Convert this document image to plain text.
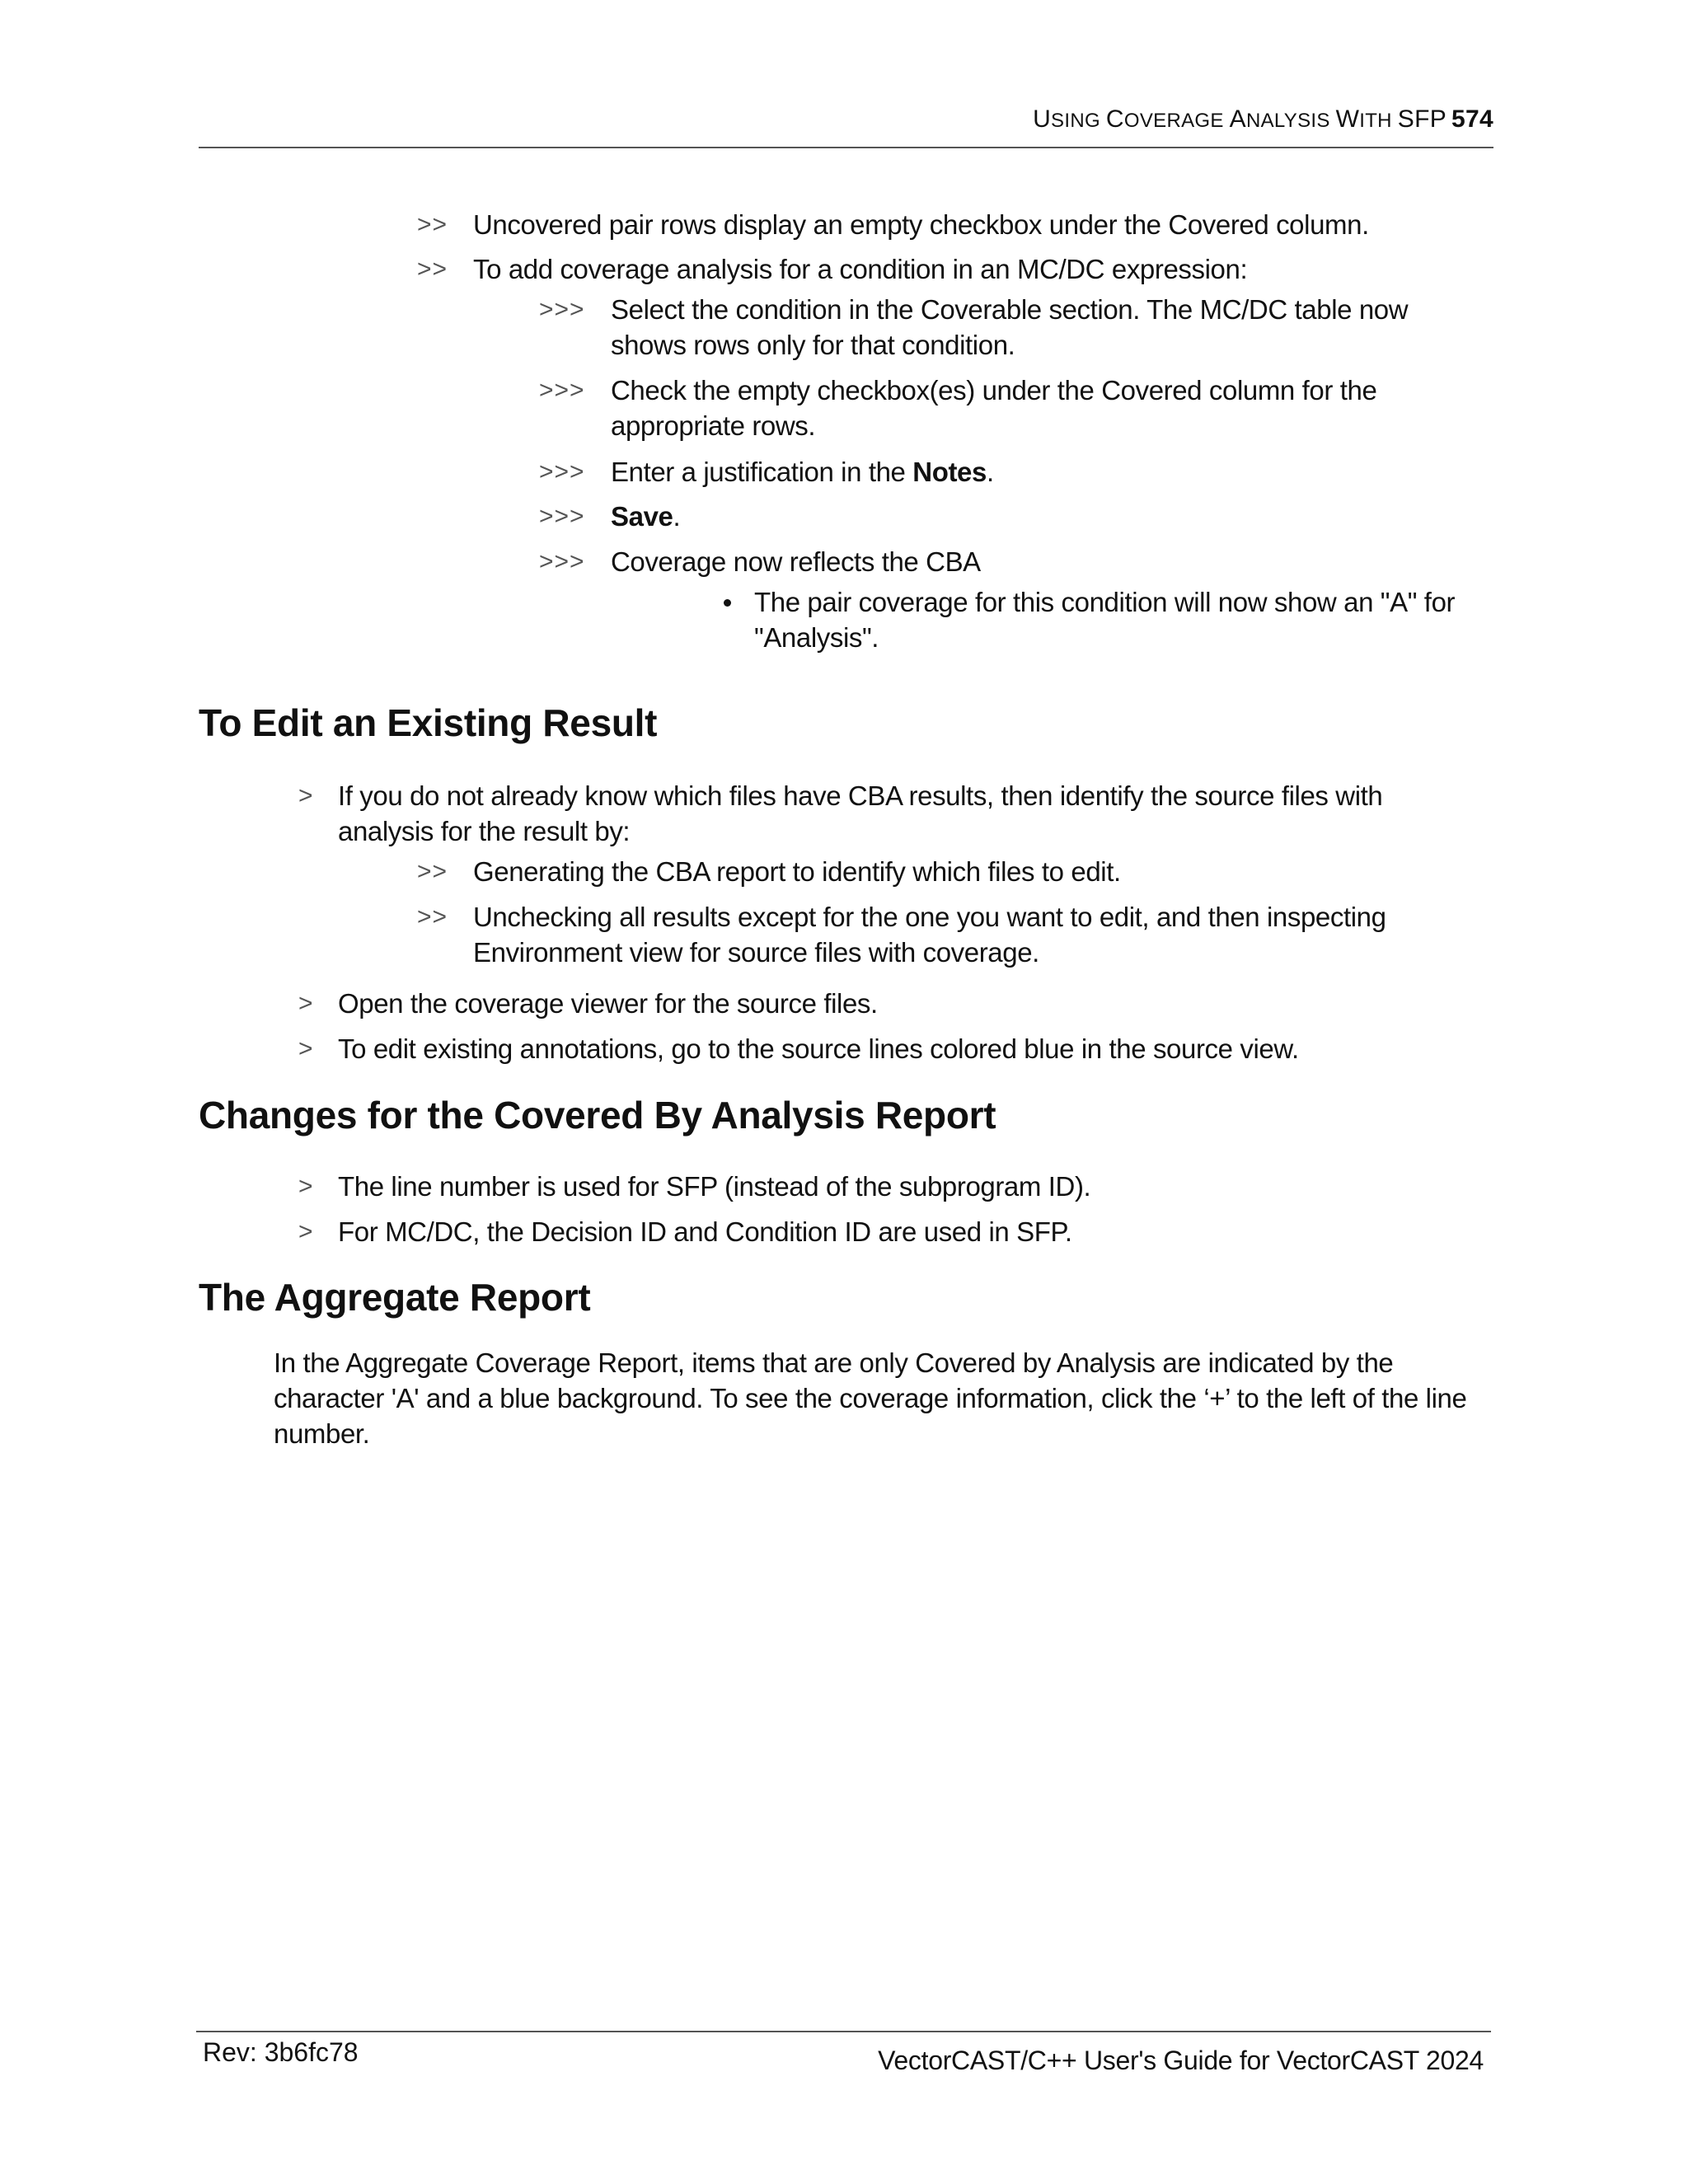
USING COVERAGE ANALYSIS WITH SFP 574
>> Uncovered pair rows display an empty checkbox under the Covered column.
>> To add coverage analysis for a condition in an MC/DC expression:
>>> Select the condition in the Coverable section. The MC/DC table now
shows rows only for that condition.
>>> Check the empty checkbox(es) under the Covered column for the
appropriate rows.
>>> Enter a justification in the Notes.
>>> Save.
>>> Coverage now reflects the CBA
The pair coverage for this condition will now show an "A" for
"Analysis".
To Edit an Existing Result
> If you do not already know which files have CBA results, then identify the source files with
analysis for the result by:
>> Generating the CBA report to identify which files to edit.
>> Unchecking all results except for the one you want to edit, and then inspecting
Environment view for source files with coverage.
> Open the coverage viewer for the source files.
> To edit existing annotations, go to the source lines colored blue in the source view.
Changes for the Covered By Analysis Report
> The line number is used for SFP (instead of the subprogram ID).
> For MC/DC, the Decision ID and Condition ID are used in SFP.
The Aggregate Report
In the Aggregate Coverage Report, items that are only Covered by Analysis are indicated by the
character 'A' and a blue background. To see the coverage information, click the ‘+’ to the left of the line
number.
Rev: 3b6fc78	VectorCAST/C++ User's Guide for VectorCAST 2024
